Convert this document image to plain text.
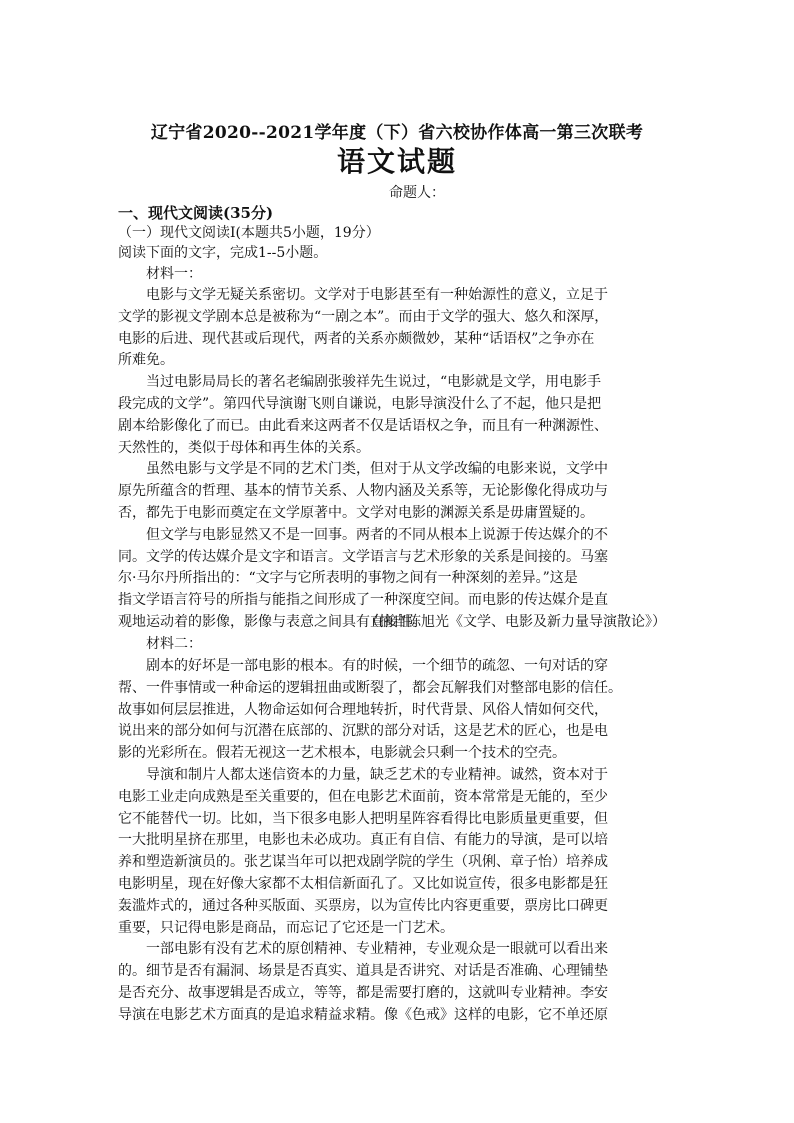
辽宁省2020--2021学年度（下）省六校协作体高一第三次联考
语文试题
命题人：
一、现代文阅读(35分)
（一）现代文阅读Ⅰ(本题共5小题，19分）
阅读下面的文字，完成1--5小题。
材料一：
电影与文学无疑关系密切。文学对于电影甚至有一种始源性的意义，立足于
文学的影视文学剧本总是被称为“一剧之本”。而由于文学的强大、悠久和深厚，
电影的后进、现代甚或后现代，两者的关系亦颇微妙，某种“话语权”之争亦在
所难免。
当过电影局局长的著名老编剧张骏祥先生说过，“电影就是文学，用电影手
段完成的文学”。第四代导演谢飞则自谦说，电影导演没什么了不起，他只是把
剧本给影像化了而已。由此看来这两者不仅是话语权之争，而且有一种渊源性、
天然性的，类似于母体和再生体的关系。
虽然电影与文学是不同的艺术门类，但对于从文学改编的电影来说，文学中
原先所蕴含的哲理、基本的情节关系、人物内涵及关系等，无论影像化得成功与
否，都先于电影而奠定在文学原著中。文学对电影的渊源关系是毋庸置疑的。
但文学与电影显然又不是一回事。两者的不同从根本上说源于传达媒介的不
同。文学的传达媒介是文字和语言。文学语言与艺术形象的关系是间接的。马塞
尔·马尔丹所指出的：“文字与它所表明的事物之间有一种深刻的差异。”这是
指文学语言符号的所指与能指之间形成了一种深度空间。而电影的传达媒介是直
观地运动着的影像，影像与表意之间具有直接性。
（摘自陈旭光《文学、电影及新力量导演散论》）
材料二：
剧本的好坏是一部电影的根本。有的时候，一个细节的疏忽、一句对话的穿
帮、一件事情或一种命运的逻辑扭曲或断裂了，都会瓦解我们对整部电影的信任。
故事如何层层推进，人物命运如何合理地转折，时代背景、风俗人情如何交代，
说出来的部分如何与沉潜在底部的、沉默的部分对话，这是艺术的匠心，也是电
影的光彩所在。假若无视这一艺术根本，电影就会只剩一个技术的空壳。
导演和制片人都太迷信资本的力量，缺乏艺术的专业精神。诚然，资本对于
电影工业走向成熟是至关重要的，但在电影艺术面前，资本常常是无能的，至少
它不能替代一切。比如，当下很多电影人把明星阵容看得比电影质量更重要，但
一大批明星挤在那里，电影也未必成功。真正有自信、有能力的导演，是可以培
养和塑造新演员的。张艺谋当年可以把戏剧学院的学生（巩俐、章子怡）培养成
电影明星，现在好像大家都不太相信新面孔了。又比如说宣传，很多电影都是狂
轰滥炸式的，通过各种买版面、买票房，以为宣传比内容更重要，票房比口碑更
重要，只记得电影是商品，而忘记了它还是一门艺术。
一部电影有没有艺术的原创精神、专业精神，专业观众是一眼就可以看出来
的。细节是否有漏洞、场景是否真实、道具是否讲究、对话是否准确、心理铺垫
是否充分、故事逻辑是否成立，等等，都是需要打磨的，这就叫专业精神。李安
导演在电影艺术方面真的是追求精益求精。像《色戒》这样的电影，它不单还原
